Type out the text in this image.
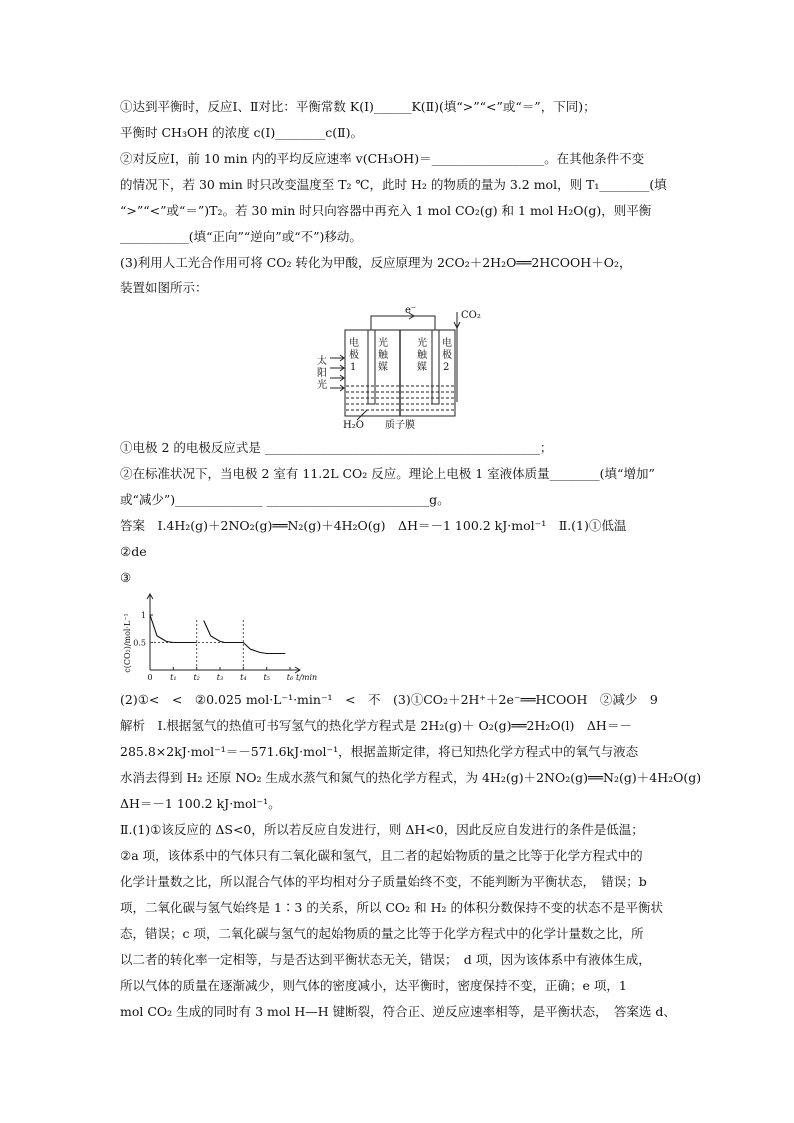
①达到平衡时，反应Ⅰ、Ⅱ对比：平衡常数 K(Ⅰ)______K(Ⅱ)(填“>”“<”或“＝”，下同)；
平衡时 CH₃OH 的浓度 c(Ⅰ)________c(Ⅱ)。
②对反应Ⅰ，前 10 min 内的平均反应速率 v(CH₃OH)＝__________________。在其他条件不变
的情况下，若 30 min 时只改变温度至 T₂ ℃，此时 H₂ 的物质的量为 3.2 mol，则 T₁________(填
“>”“<”或“＝”)T₂。若 30 min 时只向容器中再充入 1 mol CO₂(g) 和 1 mol H₂O(g)，则平衡
___________(填“正向”“逆向”或“不”)移动。
(3)利用人工光合作用可将 CO₂ 转化为甲酸，反应原理为 2CO₂＋2H₂O══2HCOOH＋O₂，
装置如图所示：
e⁻	CO₂
电
极
1
光
触
媒
光
触
媒
电
极
2
太
阳
光
H₂O 质子膜
①电极 2 的电极反应式是 ____________________________________________；
②在标准状况下，当电极 2 室有 11.2L CO₂ 反应。理论上电极 1 室液体质量________(填“增加”
或“减少”)______________ __________________________g。
答案　Ⅰ.4H₂(g)＋2NO₂(g)══N₂(g)＋4H₂O(g)　ΔH＝－1 100.2 kJ·mol⁻¹　Ⅱ.(1)①低温
②de
③
0.5
1
0 t₁ t₂ t₃ t₄ t₅ t₆
c(CO₂)/mol·L⁻¹
t/min
(2)①<　<　②0.025 mol·L⁻¹·min⁻¹　<　不　(3)①CO₂＋2H⁺＋2e⁻══HCOOH　②减少　9
解析　Ⅰ.根据氢气的热值可书写氢气的热化学方程式是 2H₂(g)＋ O₂(g)══2H₂O(l)　ΔH＝－
285.8×2kJ·mol⁻¹＝－571.6kJ·mol⁻¹，根据盖斯定律，将已知热化学方程式中的氧气与液态
水消去得到 H₂ 还原 NO₂ 生成水蒸气和氮气的热化学方程式，为 4H₂(g)＋2NO₂(g)══N₂(g)＋4H₂O(g)
ΔH＝－1 100.2 kJ·mol⁻¹。
Ⅱ.(1)①该反应的 ΔS<0，所以若反应自发进行，则 ΔH<0，因此反应自发进行的条件是低温；
②a 项，该体系中的气体只有二氧化碳和氢气，且二者的起始物质的量之比等于化学方程式中的
化学计量数之比，所以混合气体的平均相对分子质量始终不变，不能判断为平衡状态，　错误；b
项，二氧化碳与氢气始终是 1∶3 的关系，所以 CO₂ 和 H₂ 的体积分数保持不变的状态不是平衡状
态，错误；c 项，二氧化碳与氢气的起始物质的量之比等于化学方程式中的化学计量数之比，所
以二者的转化率一定相等，与是否达到平衡状态无关，错误；　d 项，因为该体系中有液体生成，
所以气体的质量在逐渐减少，则气体的密度减小，达平衡时，密度保持不变，正确；e 项，1
mol CO₂ 生成的同时有 3 mol H—H 键断裂，符合正、逆反应速率相等，是平衡状态，　答案选 d、
